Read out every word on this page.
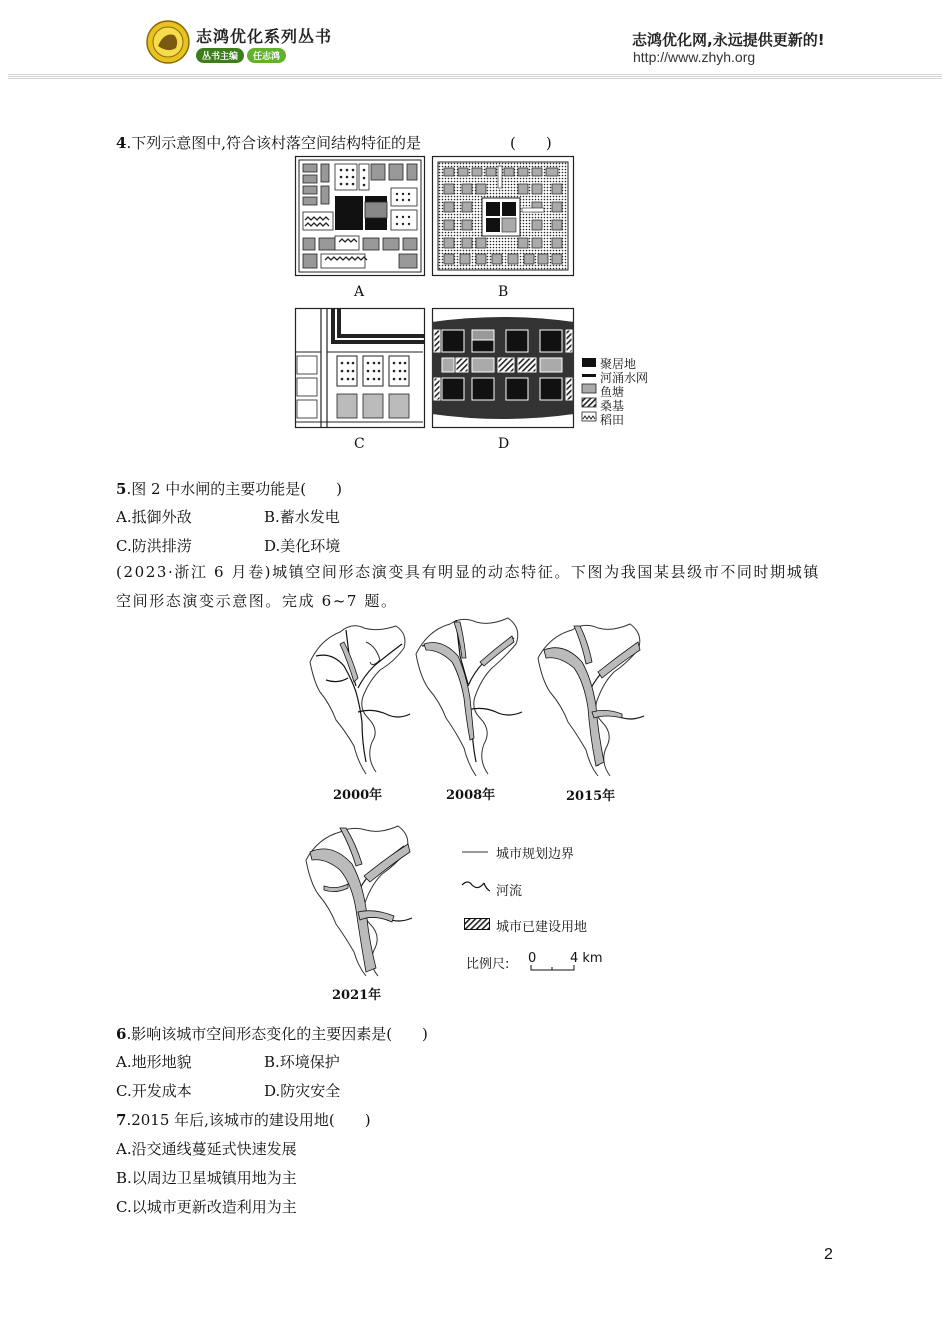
志鸿优化系列丛书
丛书主编	任志鸿
志鸿优化网,永远提供更新的!
http://www.zhyh.org
4.下列示意图中,符合该村落空间结构特征的是	(　　)
A	B
C	D
聚居地
河涌水网
鱼塘
桑基
稻田
5.图 2 中水闸的主要功能是(　　)
A.抵御外敌	B.蓄水发电
C.防洪排涝	D.美化环境
(2023·浙江 6 月卷)城镇空间形态演变具有明显的动态特征。下图为我国某县级市不同时期城镇空间形态演变示意图。完成 6~7 题。
2000年	2008年	2015年
2021年
城市规划边界
河流
城市已建设用地
比例尺: 0	4 km
6.影响该城市空间形态变化的主要因素是(　　)
A.地形地貌	B.环境保护
C.开发成本	D.防灾安全
7.2015 年后,该城市的建设用地(　　)
A.沿交通线蔓延式快速发展
B.以周边卫星城镇用地为主
C.以城市更新改造利用为主
2
